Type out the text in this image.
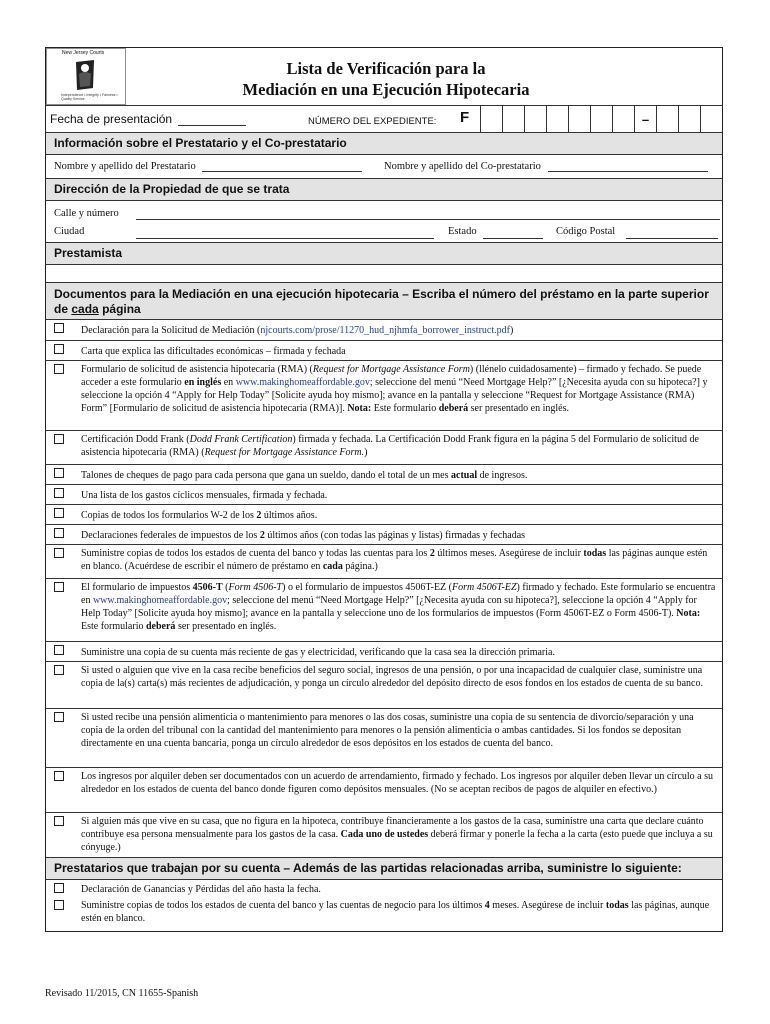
New Jersey Courts
Independence • Integrity • Fairness • Quality Service
Lista de Verificación para la
Mediación en una Ejecución Hipotecaria
Fecha de presentación	NÚMERO DEL EXPEDIENTE: F	–
Información sobre el Prestatario y el Co-prestatario
Nombre y apellido del Prestatario	Nombre y apellido del Co-prestatario
Dirección de la Propiedad de que se trata
Calle y número
Ciudad	Estado	Código Postal
Prestamista
Documentos para la Mediación en una ejecución hipotecaria – Escriba el número del préstamo en la parte superior de cada página
Declaración para la Solicitud de Mediación (njcourts.com/prose/11270_hud_njhmfa_borrower_instruct.pdf)
Carta que explica las dificultades económicas – firmada y fechada
Formulario de solicitud de asistencia hipotecaria (RMA) (Request for Mortgage Assistance Form) (llénelo cuidadosamente) – firmado y fechado. Se puede acceder a este formulario en inglés en www.makinghomeaffordable.gov; seleccione del menú “Need Mortgage Help?” [¿Necesita ayuda con su hipoteca?] y seleccione la opción 4 “Apply for Help Today” [Solicite ayuda hoy mismo]; avance en la pantalla y seleccione “Request for Mortgage Assistance (RMA) Form” [Formulario de solicitud de asistencia hipotecaria (RMA)]. Nota: Este formulario deberá ser presentado en inglés.
Certificación Dodd Frank (Dodd Frank Certification) firmada y fechada. La Certificación Dodd Frank figura en la página 5 del Formulario de solicitud de asistencia hipotecaria (RMA) (Request for Mortgage Assistance Form.)
Talones de cheques de pago para cada persona que gana un sueldo, dando el total de un mes actual de ingresos.
Una lista de los gastos cíclicos mensuales, firmada y fechada.
Copias de todos los formularios W-2 de los 2 últimos años.
Declaraciones federales de impuestos de los 2 últimos años (con todas las páginas y listas) firmadas y fechadas
Suministre copias de todos los estados de cuenta del banco y todas las cuentas para los 2 últimos meses. Asegúrese de incluir todas las páginas aunque estén en blanco. (Acuérdese de escribir el número de préstamo en cada página.)
El formulario de impuestos 4506-T (Form 4506-T) o el formulario de impuestos 4506T-EZ (Form 4506T-EZ) firmado y fechado. Este formulario se encuentra en www.makinghomeaffordable.gov; seleccione del menú “Need Mortgage Help?” [¿Necesita ayuda con su hipoteca?], seleccione la opción 4 “Apply for Help Today” [Solicite ayuda hoy mismo]; avance en la pantalla y seleccione uno de los formularios de impuestos (Form 4506T-EZ o Form 4506-T). Nota: Este formulario deberá ser presentado en inglés.
Suministre una copia de su cuenta más reciente de gas y electricidad, verificando que la casa sea la dirección primaria.
Si usted o alguien que vive en la casa recibe beneficios del seguro social, ingresos de una pensión, o por una incapacidad de cualquier clase, suministre una copia de la(s) carta(s) más recientes de adjudicación, y ponga un círculo alrededor del depósito directo de esos fondos en los estados de cuenta de su banco.
Si usted recibe una pensión alimenticia o mantenimiento para menores o las dos cosas, suministre una copia de su sentencia de divorcio/separación y una copia de la orden del tribunal con la cantidad del mantenimiento para menores o la pensión alimenticia o ambas cantidades. Si los fondos se depositan directamente en una cuenta bancaria, ponga un círculo alrededor de esos depósitos en los estados de cuenta del banco.
Los ingresos por alquiler deben ser documentados con un acuerdo de arrendamiento, firmado y fechado. Los ingresos por alquiler deben llevar un círculo a su alrededor en los estados de cuenta del banco donde figuren como depósitos mensuales. (No se aceptan recibos de pagos de alquiler en efectivo.)
Si alguien más que vive en su casa, que no figura en la hipoteca, contribuye financieramente a los gastos de la casa, suministre una carta que declare cuánto contribuye esa persona mensualmente para los gastos de la casa. Cada uno de ustedes deberá firmar y ponerle la fecha a la carta (esto puede que incluya a su cónyuge.)
Prestatarios que trabajan por su cuenta – Además de las partidas relacionadas arriba, suministre lo siguiente:
Declaración de Ganancias y Pérdidas del año hasta la fecha.
Suministre copias de todos los estados de cuenta del banco y las cuentas de negocio para los últimos 4 meses. Asegúrese de incluir todas las páginas, aunque estén en blanco.
Revisado 11/2015, CN 11655-Spanish
